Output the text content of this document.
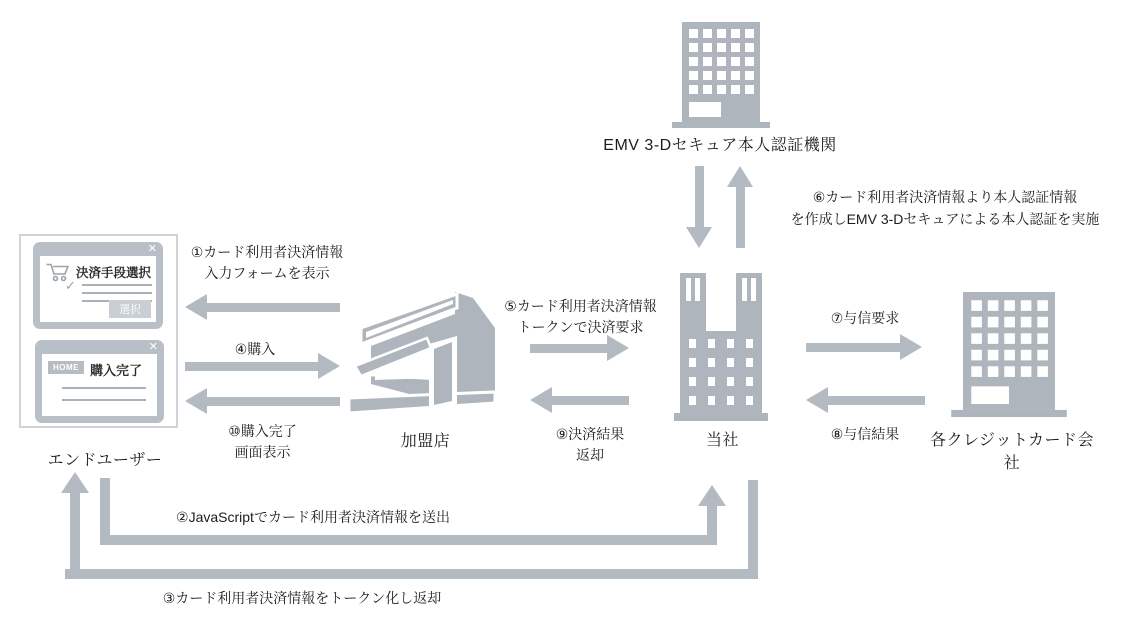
EMV 3-Dセキュア本人認証機関
⑥カード利用者決済情報より本人認証情報
を作成しEMV 3-Dセキュアによる本人認証を実施
✕
決済手段選択
✓
選択
✕
HOME 購入完了
エンドユーザー
①カード利用者決済情報
入力フォームを表示
④購入
⑩購入完了
画面表示
加盟店
⑤カード利用者決済情報
トークンで決済要求
⑨決済結果
返却
当社
⑦与信要求
⑧与信結果	各クレジットカード会社
②JavaScriptでカード利用者決済情報を送出
③カード利用者決済情報をトークン化し返却
